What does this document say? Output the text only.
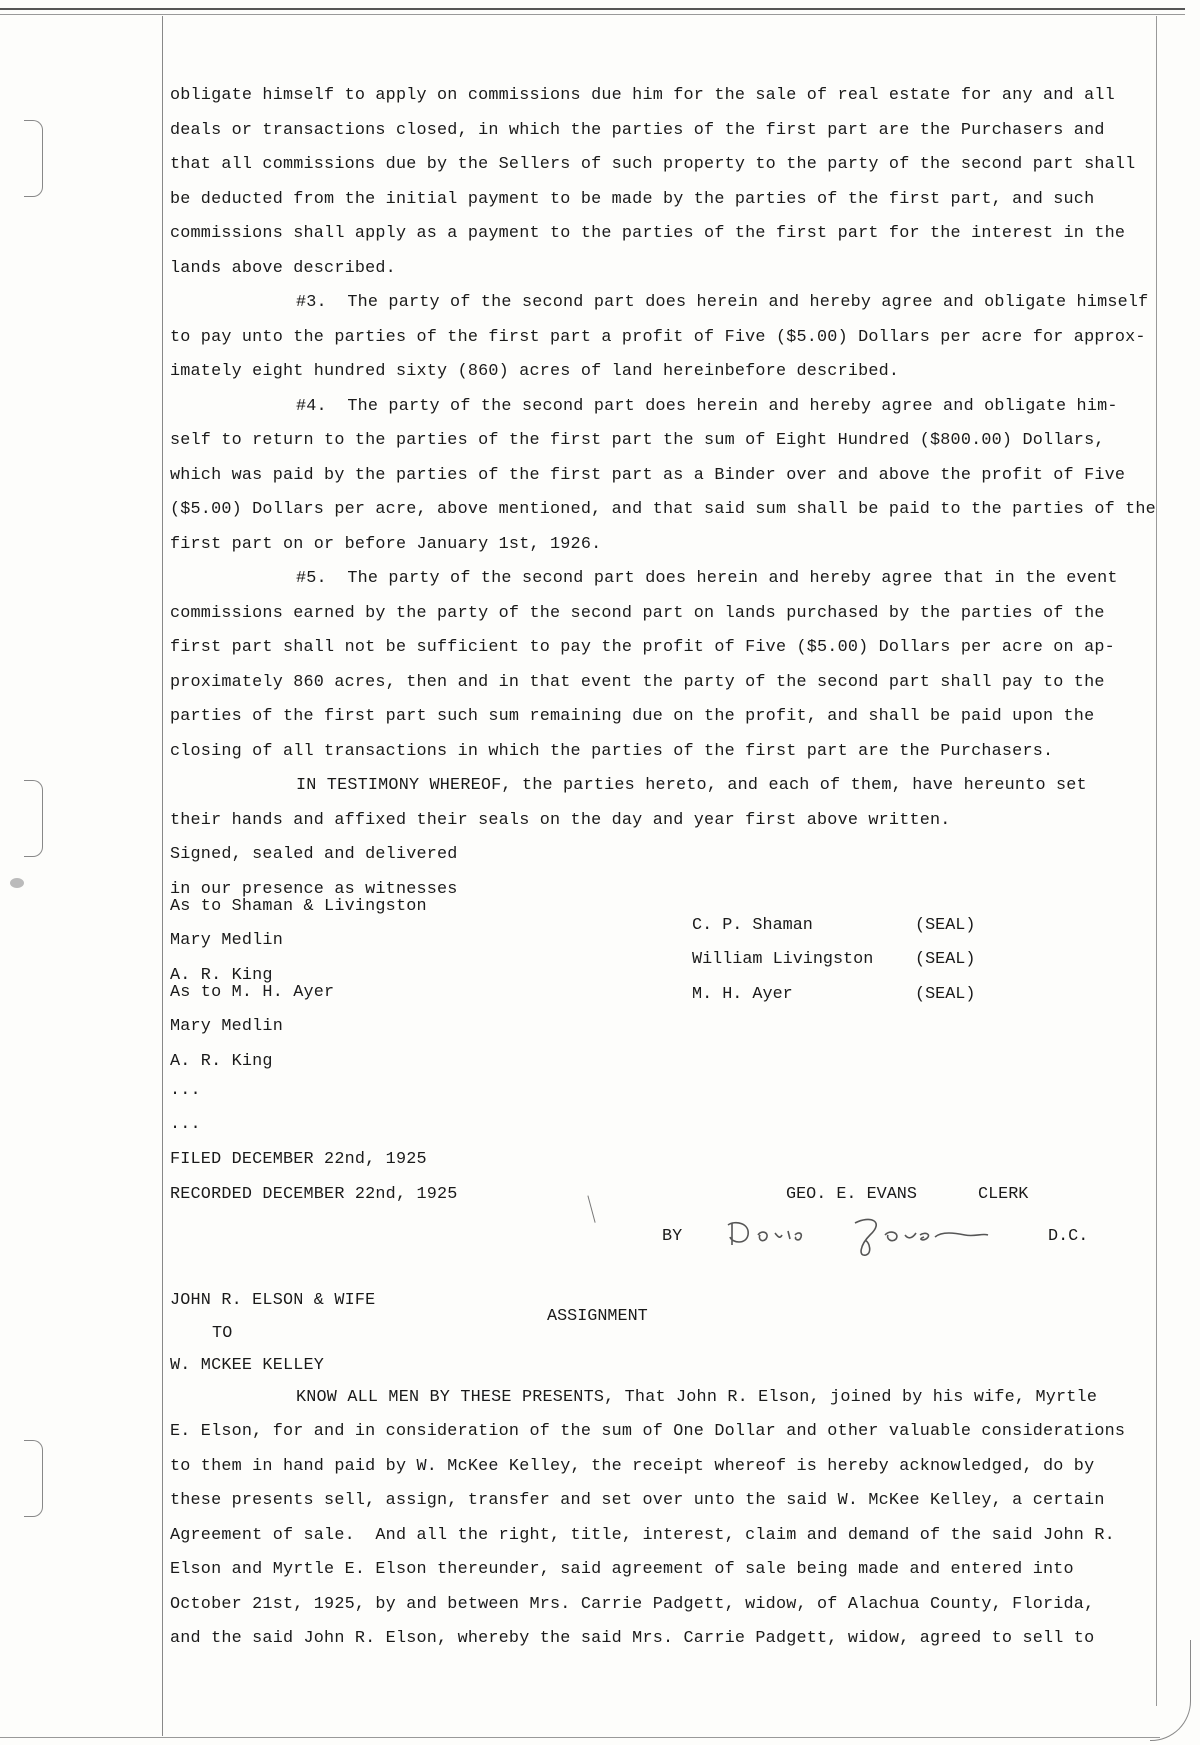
obligate himself to apply on commissions due him for the sale of real estate for any and all
deals or transactions closed, in which the parties of the first part are the Purchasers and
that all commissions due by the Sellers of such property to the party of the second part shall
be deducted from the initial payment to be made by the parties of the first part, and such
commissions shall apply as a payment to the parties of the first part for the interest in the
lands above described.
#3.  The party of the second part does herein and hereby agree and obligate himself
to pay unto the parties of the first part a profit of Five ($5.00) Dollars per acre for approx-
imately eight hundred sixty (860) acres of land hereinbefore described.
#4.  The party of the second part does herein and hereby agree and obligate him-
self to return to the parties of the first part the sum of Eight Hundred ($800.00) Dollars,
which was paid by the parties of the first part as a Binder over and above the profit of Five
($5.00) Dollars per acre, above mentioned, and that said sum shall be paid to the parties of the
first part on or before January 1st, 1926.
#5.  The party of the second part does herein and hereby agree that in the event
commissions earned by the party of the second part on lands purchased by the parties of the
first part shall not be sufficient to pay the profit of Five ($5.00) Dollars per acre on ap-
proximately 860 acres, then and in that event the party of the second part shall pay to the
parties of the first part such sum remaining due on the profit, and shall be paid upon the
closing of all transactions in which the parties of the first part are the Purchasers.
IN TESTIMONY WHEREOF, the parties hereto, and each of them, have hereunto set
their hands and affixed their seals on the day and year first above written.
Signed, sealed and delivered
in our presence as witnesses
As to Shaman & Livingston
Mary Medlin
A. R. King
As to M. H. Ayer
Mary Medlin
A. R. King
...
...
FILED DECEMBER 22nd, 1925
RECORDED DECEMBER 22nd, 1925
JOHN R. ELSON & WIFE
TO
W. MCKEE KELLEY
KNOW ALL MEN BY THESE PRESENTS, That John R. Elson, joined by his wife, Myrtle
E. Elson, for and in consideration of the sum of One Dollar and other valuable considerations
to them in hand paid by W. McKee Kelley, the receipt whereof is hereby acknowledged, do by
these presents sell, assign, transfer and set over unto the said W. McKee Kelley, a certain
Agreement of sale.  And all the right, title, interest, claim and demand of the said John R.
Elson and Myrtle E. Elson thereunder, said agreement of sale being made and entered into
October 21st, 1925, by and between Mrs. Carrie Padgett, widow, of Alachua County, Florida,
and the said John R. Elson, whereby the said Mrs. Carrie Padgett, widow, agreed to sell to
C. P. Shaman	(SEAL)
William Livingston (SEAL)
M. H. Ayer	(SEAL)
GEO. E. EVANS	CLERK
BY	D.C.
ASSIGNMENT
